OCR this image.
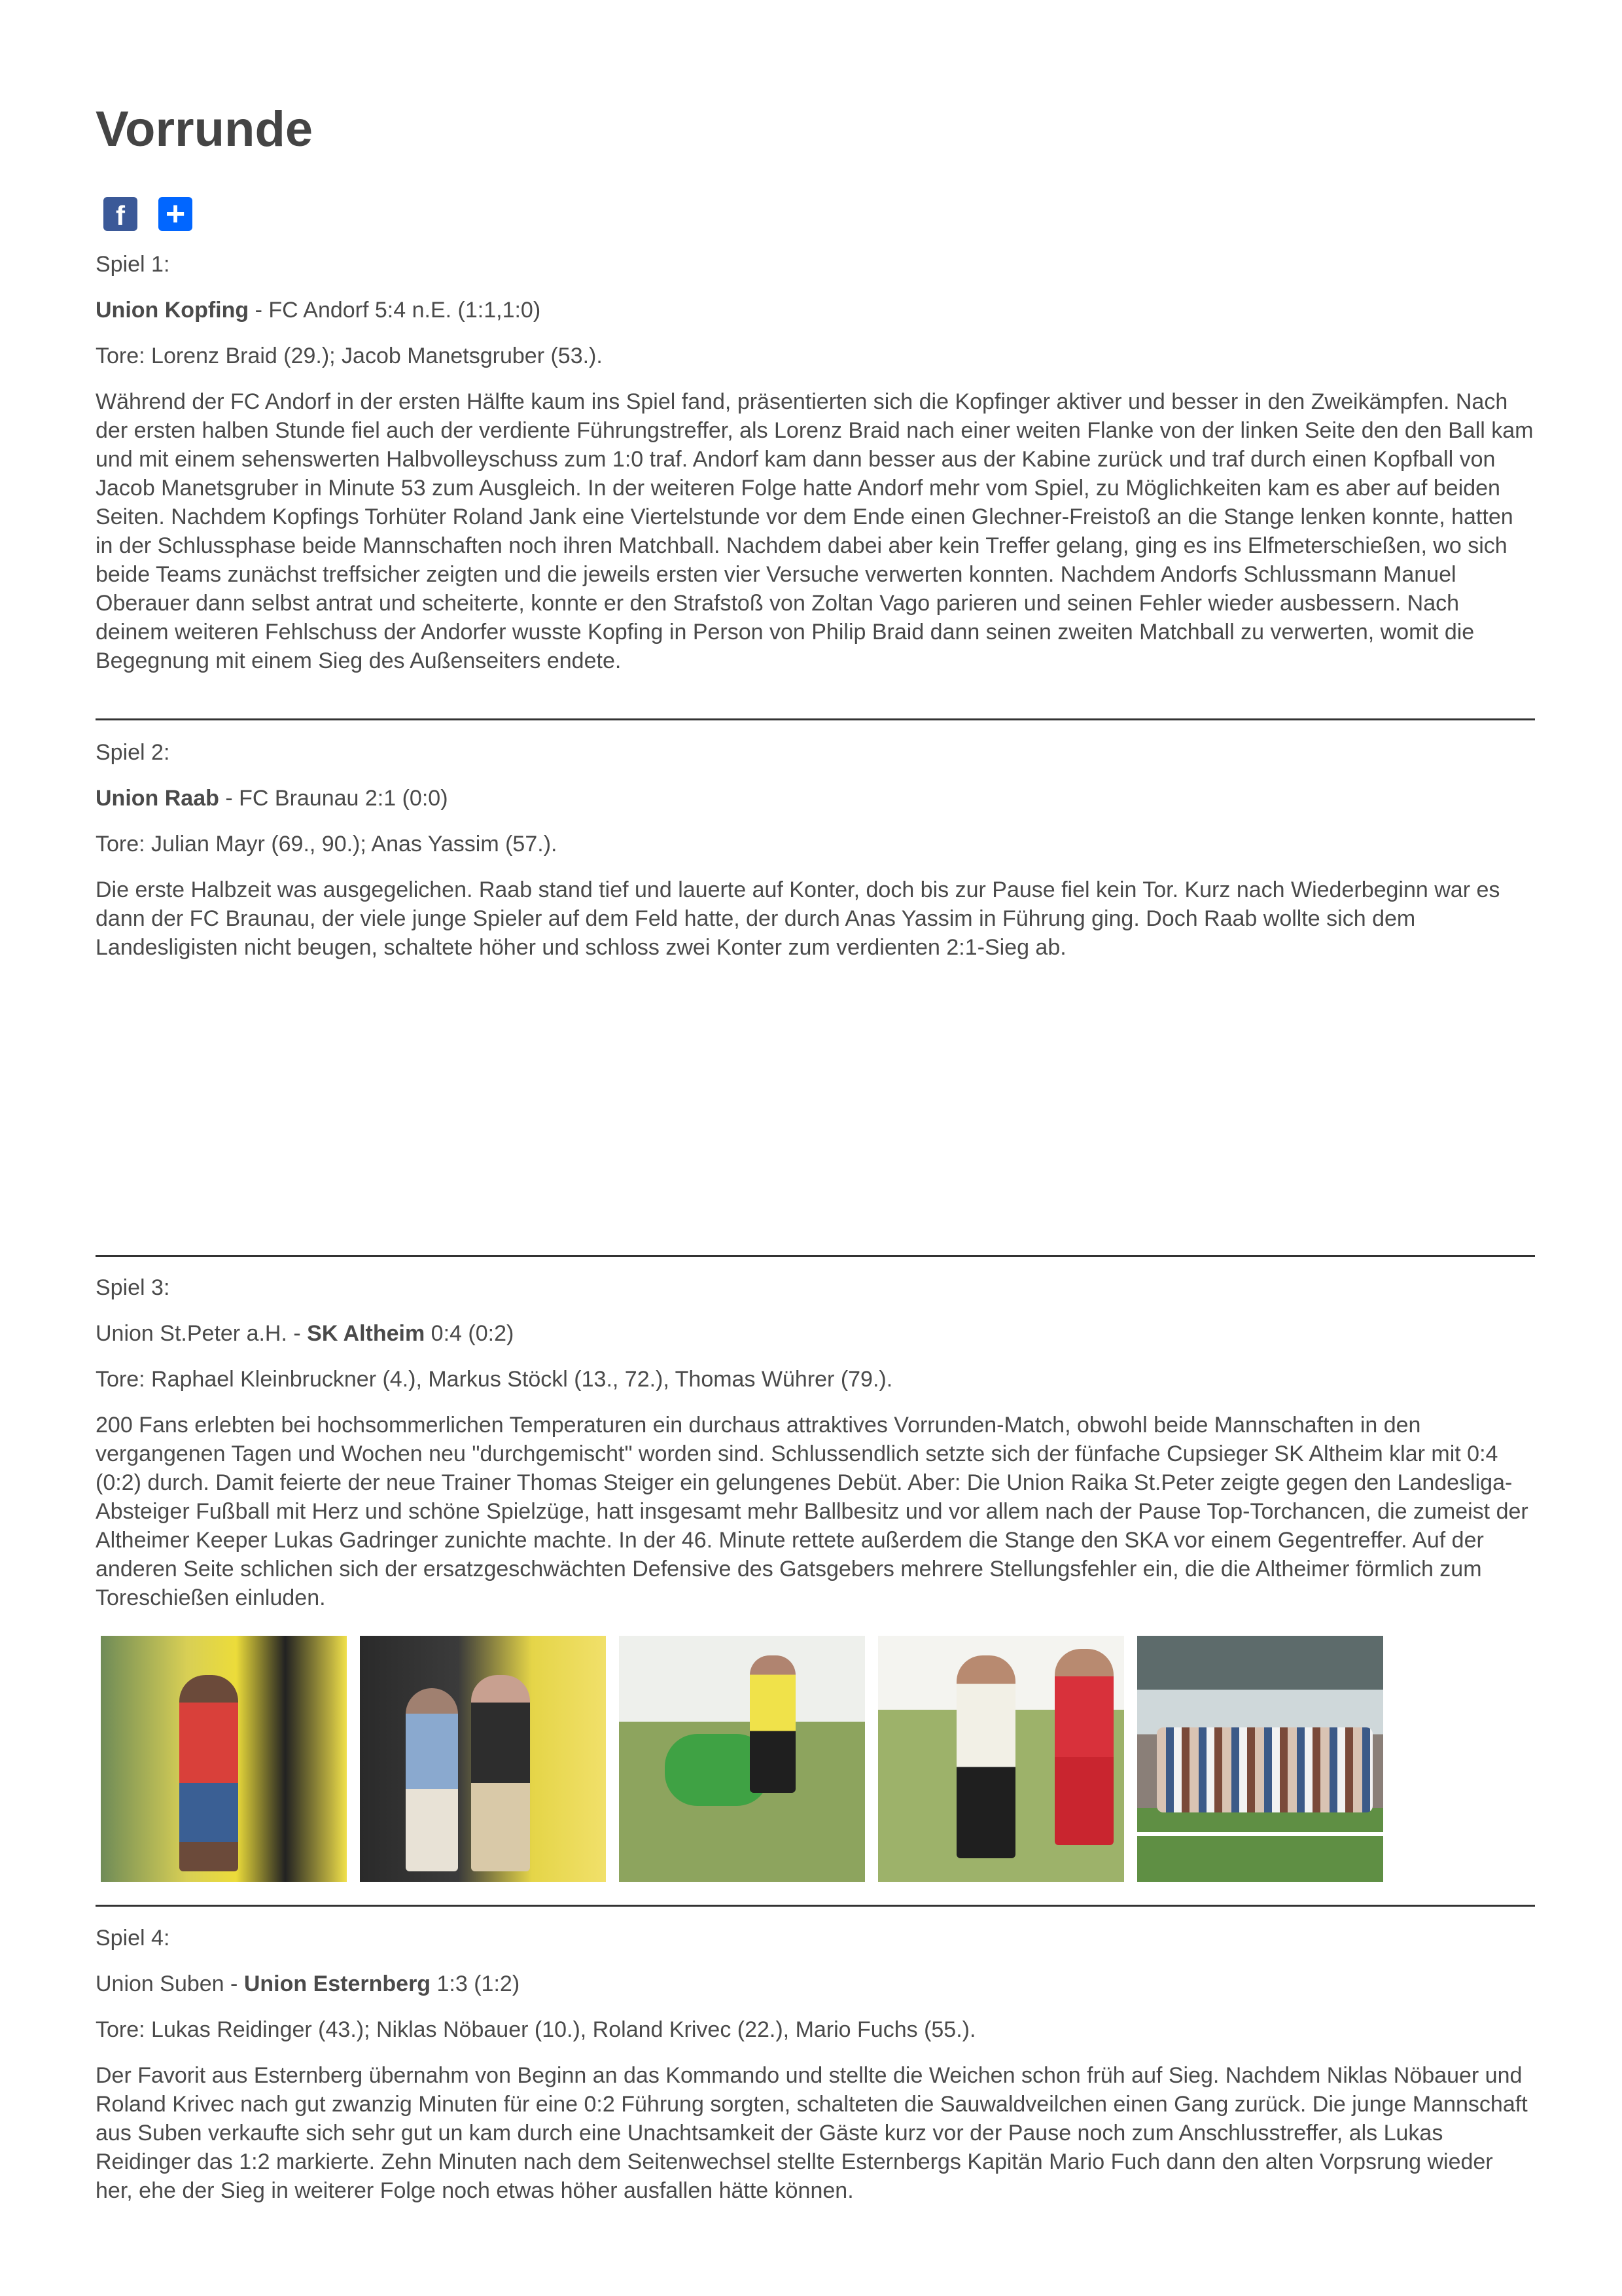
Vorrunde
f	+

Spiel 1:

Union Kopfing - FC Andorf 5:4 n.E. (1:1,1:0)

Tore: Lorenz Braid (29.); Jacob Manetsgruber (53.).

Während der FC Andorf in der ersten Hälfte kaum ins Spiel fand, präsentierten sich die Kopfinger aktiver und besser in den Zweikämpfen. Nach der ersten halben Stunde fiel auch der verdiente Führungstreffer, als Lorenz Braid nach einer weiten Flanke von der linken Seite den den Ball kam und mit einem sehenswerten Halbvolleyschuss zum 1:0 traf. Andorf kam dann besser aus der Kabine zurück und traf durch einen Kopfball von Jacob Manetsgruber in Minute 53 zum Ausgleich. In der weiteren Folge hatte Andorf mehr vom Spiel, zu Möglichkeiten kam es aber auf beiden Seiten. Nachdem Kopfings Torhüter Roland Jank eine Viertelstunde vor dem Ende einen Glechner-Freistoß an die Stange lenken konnte, hatten in der Schlussphase beide Mannschaften noch ihren Matchball. Nachdem dabei aber kein Treffer gelang, ging es ins Elfmeterschießen, wo sich beide Teams zunächst treffsicher zeigten und die jeweils ersten vier Versuche verwerten konnten. Nachdem Andorfs Schlussmann Manuel Oberauer dann selbst antrat und scheiterte, konnte er den Strafstoß von Zoltan Vago parieren und seinen Fehler wieder ausbessern. Nach deinem weiteren Fehlschuss der Andorfer wusste Kopfing in Person von Philip Braid dann seinen zweiten Matchball zu verwerten, womit die Begegnung mit einem Sieg des Außenseiters endete.

Spiel 2:

Union Raab - FC Braunau 2:1 (0:0)

Tore: Julian Mayr (69., 90.); Anas Yassim (57.).

Die erste Halbzeit was ausgegelichen. Raab stand tief und lauerte auf Konter, doch bis zur Pause fiel kein Tor. Kurz nach Wiederbeginn war es dann der FC Braunau, der viele junge Spieler auf dem Feld hatte, der durch Anas Yassim in Führung ging. Doch Raab wollte sich dem Landesligisten nicht beugen, schaltete höher und schloss zwei Konter zum verdienten 2:1-Sieg ab.

Spiel 3:

Union St.Peter a.H. - SK Altheim 0:4 (0:2)

Tore: Raphael Kleinbruckner (4.), Markus Stöckl (13., 72.), Thomas Wührer (79.).

200 Fans erlebten bei hochsommerlichen Temperaturen ein durchaus attraktives Vorrunden-Match, obwohl beide Mannschaften in den vergangenen Tagen und Wochen neu "durchgemischt" worden sind. Schlussendlich setzte sich der fünfache Cupsieger SK Altheim klar mit 0:4 (0:2) durch. Damit feierte der neue Trainer Thomas Steiger ein gelungenes Debüt. Aber: Die Union Raika St.Peter zeigte gegen den Landesliga-Absteiger Fußball mit Herz und schöne Spielzüge, hatt insgesamt mehr Ballbesitz und vor allem nach der Pause Top-Torchancen, die zumeist der Altheimer Keeper Lukas Gadringer zunichte machte. In der 46. Minute rettete außerdem die Stange den SKA vor einem Gegentreffer. Auf der anderen Seite schlichen sich der ersatzgeschwächten Defensive des Gatsgebers mehrere Stellungsfehler ein, die die Altheimer förmlich zum Toreschießen einluden.

Spiel 4:

Union Suben - Union Esternberg 1:3 (1:2)

Tore: Lukas Reidinger (43.); Niklas Nöbauer (10.), Roland Krivec (22.), Mario Fuchs (55.).

Der Favorit aus Esternberg übernahm von Beginn an das Kommando und stellte die Weichen schon früh auf Sieg. Nachdem Niklas Nöbauer und Roland Krivec nach gut zwanzig Minuten für eine 0:2 Führung sorgten, schalteten die Sauwaldveilchen einen Gang zurück. Die junge Mannschaft aus Suben verkaufte sich sehr gut un kam durch eine Unachtsamkeit der Gäste kurz vor der Pause noch zum Anschlusstreffer, als Lukas Reidinger das 1:2 markierte. Zehn Minuten nach dem Seitenwechsel stellte Esternbergs Kapitän Mario Fuch dann den alten Vorpsrung wieder her, ehe der Sieg in weiterer Folge noch etwas höher ausfallen hätte können.
